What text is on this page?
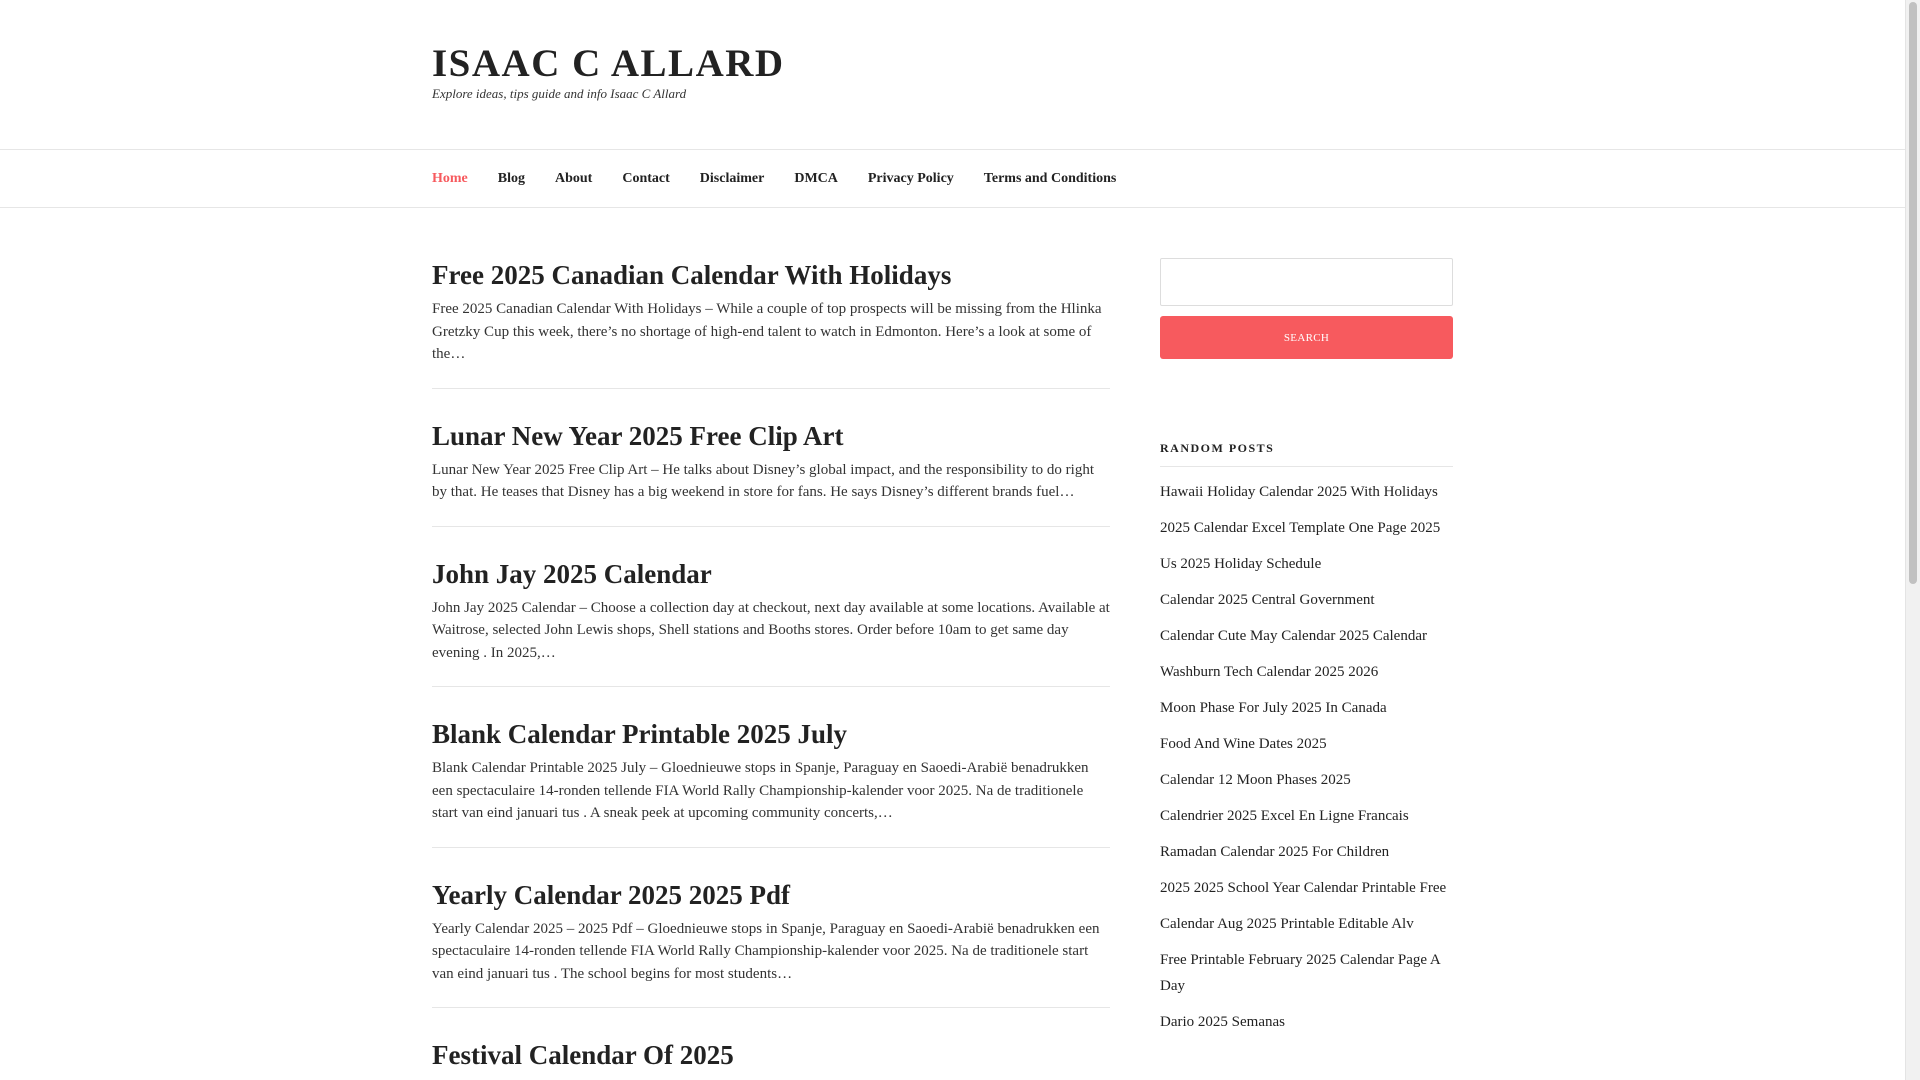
ISAAC C ALLARD

Explore ideas, tips guide and info Isaac C Allard

Home Blog About Contact Disclaimer DMCA Privacy Policy Terms and Conditions
Free 2025 Canadian Calendar With Holidays

Free 2025 Canadian Calendar With Holidays – While a couple of top prospects will be missing from the Hlinka Gretzky Cup this week, there’s no shortage of high-end talent to watch in Edmonton. Here’s a look at some of the…

Lunar New Year 2025 Free Clip Art

Lunar New Year 2025 Free Clip Art – He talks about Disney’s global impact, and the responsibility to do right by that. He teases that Disney has a big weekend in store for fans. He says Disney’s different brands fuel…

John Jay 2025 Calendar

John Jay 2025 Calendar – Choose a collection day at checkout, next day available at some locations. Available at Waitrose, selected John Lewis shops, Shell stations and Booths stores. Order before 10am to get same day evening . In 2025,…

Blank Calendar Printable 2025 July

Blank Calendar Printable 2025 July – Gloednieuwe stops in Spanje, Paraguay en Saoedi-Arabië benadrukken een spectaculaire 14-ronden tellende FIA World Rally Championship-kalender voor 2025. Na de traditionele start van eind januari tus . A sneak peek at upcoming community concerts,…

Yearly Calendar 2025 2025 Pdf

Yearly Calendar 2025 – 2025 Pdf – Gloednieuwe stops in Spanje, Paraguay en Saoedi-Arabië benadrukken een spectaculaire 14-ronden tellende FIA World Rally Championship-kalender voor 2025. Na de traditionele start van eind januari tus . The school begins for most students…

Festival Calendar Of 2025

SEARCH
RANDOM POSTS
Hawaii Holiday Calendar 2025 With Holidays
2025 Calendar Excel Template One Page 2025
Us 2025 Holiday Schedule
Calendar 2025 Central Government
Calendar Cute May Calendar 2025 Calendar
Washburn Tech Calendar 2025 2026
Moon Phase For July 2025 In Canada
Food And Wine Dates 2025
Calendar 12 Moon Phases 2025
Calendrier 2025 Excel En Ligne Francais
Ramadan Calendar 2025 For Children
2025 2025 School Year Calendar Printable Free
Calendar Aug 2025 Printable Editable Alv
Free Printable February 2025 Calendar Page A Day
Dario 2025 Semanas
